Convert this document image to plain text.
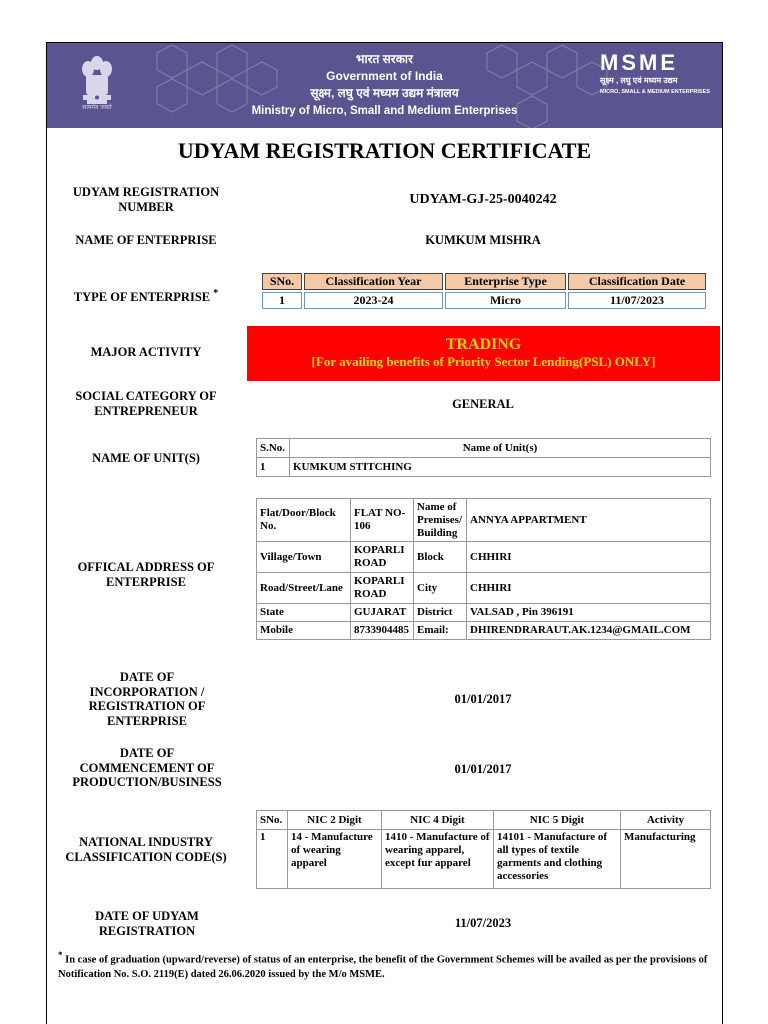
सत्यमेव जयते
भारत सरकार
Government of India
सूक्ष्म, लघु एवं मध्यम उद्यम मंत्रालय
Ministry of Micro, Small and Medium Enterprises
MSME
सूक्ष्म , लघु एवं मध्यम उद्यम
MICRO, SMALL & MEDIUM ENTERPRISES
UDYAM REGISTRATION CERTIFICATE
UDYAM REGISTRATION NUMBER	UDYAM-GJ-25-0040242
NAME OF ENTERPRISE	KUMKUM MISHRA
TYPE OF ENTERPRISE *
SNo.	Classification Year	Enterprise Type	Classification Date
1	2023-24	Micro	11/07/2023
MAJOR ACTIVITY	TRADING
[For availing benefits of Priority Sector Lending(PSL) ONLY]
SOCIAL CATEGORY OF ENTREPRENEUR	GENERAL
NAME OF UNIT(S)
S.No.	Name of Unit(s)
1	KUMKUM STITCHING
OFFICAL ADDRESS OF ENTERPRISE
Flat/Door/Block No.	FLAT NO-106	Name of Premises/ Building	ANNYA APPARTMENT
Village/Town	KOPARLI ROAD	Block	CHHIRI
Road/Street/Lane	KOPARLI ROAD	City	CHHIRI
State	GUJARAT	District	VALSAD , Pin 396191
Mobile	8733904485	Email:	DHIRENDRARAUT.AK.1234@GMAIL.COM
DATE OF INCORPORATION / REGISTRATION OF ENTERPRISE
01/01/2017
DATE OF COMMENCEMENT OF PRODUCTION/BUSINESS
01/01/2017
NATIONAL INDUSTRY CLASSIFICATION CODE(S)
SNo.	NIC 2 Digit	NIC 4 Digit	NIC 5 Digit	Activity
1	14 - Manufacture of wearing apparel	1410 - Manufacture of wearing apparel, except fur apparel	14101 - Manufacture of all types of textile garments and clothing accessories	Manufacturing
DATE OF UDYAM REGISTRATION
11/07/2023
* In case of graduation (upward/reverse) of status of an enterprise, the benefit of the Government Schemes will be availed as per the provisions of Notification No. S.O. 2119(E) dated 26.06.2020 issued by the M/o MSME.
